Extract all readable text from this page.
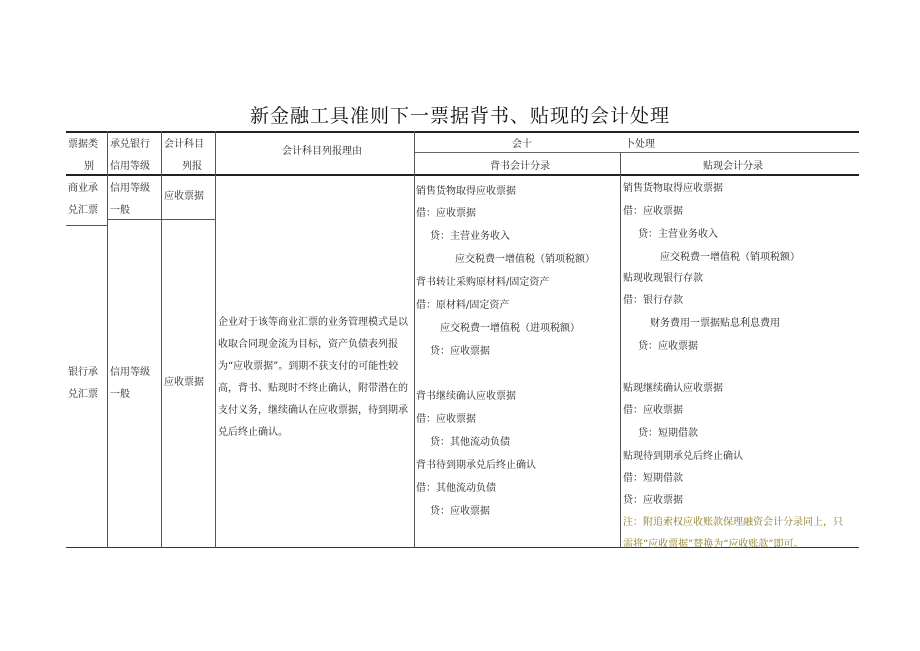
新金融工具准则下一票据背书、贴现的会计处理
票据类
别
承兑银行
信用等级
会计科目
列报
会计科目列报理由
会十	卜处理
背书会计分录	贴现会计分录
商业承
兑汇票
信用等级
一般
应收票据
银行承
兑汇票
信用等级
一般
应收票据
企业对于该等商业汇票的业务管理模式是以收取合同现金流为目标，资产负债表列报为“应收票据”。到期不获支付的可能性较高，背书、贴现时不终止确认，附带潜在的支付义务，继续确认在应收票据，待到期承兑后终止确认。
销售货物取得应收票据
借：应收票据
贷：主营业务收入
应交税费一增值税（销项税额）
背书转让采购原材料/固定资产
借：原材料/固定资产
应交税费一增值税（进项税额）
贷：应收票据
背书继续确认应收票据
借：应收票据
贷：其他流动负债
背书待到期承兑后终止确认
借：其他流动负债
贷：应收票据
销售货物取得应收票据
借：应收票据
贷：主营业务收入
应交税费一增值税（销项税额）
贴现收现银行存款
借：银行存款
财务费用一票据贴息利息费用
贷：应收票据
贴现继续确认应收票据
借：应收票据
贷：短期借款
贴现待到期承兑后终止确认
借：短期借款
贷：应收票据
注：附追索权应收账款保理融资会计分录同上，只
需将“应收票据”替换为“应收账款”即可。
